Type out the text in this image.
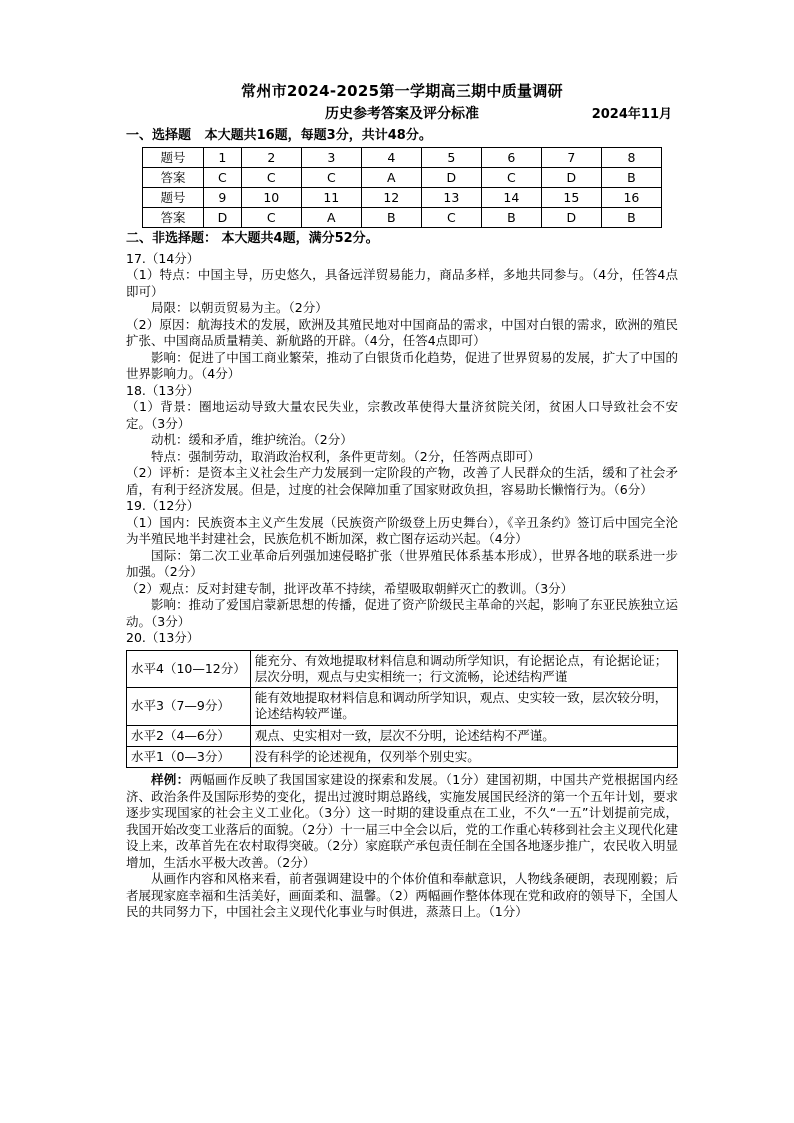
常州市2024-2025第一学期高三期中质量调研
历史参考答案及评分标准	2024年11月
一、选择题 本大题共16题，每题3分，共计48分。
题号	1	2	3	4	5	6	7	8
答案	C	C	C	A	D	C	D	B
题号	9	10	11	12	13	14	15	16
答案	D	C	A	B	C	B	D	B
二、非选择题： 本大题共4题，满分52分。

17.（14分）

（1）特点：中国主导，历史悠久，具备远洋贸易能力，商品多样，多地共同参与。（4分，任答4点即可）

局限：以朝贡贸易为主。（2分）

（2）原因：航海技术的发展，欧洲及其殖民地对中国商品的需求，中国对白银的需求，欧洲的殖民扩张、中国商品质量精美、新航路的开辟。（4分，任答4点即可）

影响：促进了中国工商业繁荣，推动了白银货币化趋势，促进了世界贸易的发展，扩大了中国的世界影响力。（4分）

18.（13分）

（1）背景：圈地运动导致大量农民失业，宗教改革使得大量济贫院关闭，贫困人口导致社会不安定。（3分）

动机：缓和矛盾，维护统治。（2分）

特点：强制劳动，取消政治权利，条件更苛刻。（2分，任答两点即可）

（2）评析：是资本主义社会生产力发展到一定阶段的产物，改善了人民群众的生活，缓和了社会矛盾，有利于经济发展。但是，过度的社会保障加重了国家财政负担，容易助长懒惰行为。（6分）

19.（12分）

（1）国内：民族资本主义产生发展（民族资产阶级登上历史舞台），《辛丑条约》签订后中国完全沦为半殖民地半封建社会，民族危机不断加深，救亡图存运动兴起。（4分）

国际：第二次工业革命后列强加速侵略扩张（世界殖民体系基本形成），世界各地的联系进一步加强。（2分）

（2）观点：反对封建专制，批评改革不持续，希望吸取朝鲜灭亡的教训。（3分）

影响：推动了爱国启蒙新思想的传播，促进了资产阶级民主革命的兴起，影响了东亚民族独立运动。（3分）

20.（13分）

水平4（10—12分）	能充分、有效地提取材料信息和调动所学知识，有论据论点，有论据论证；层次分明，观点与史实相统一；行文流畅，论述结构严谨
水平3（7—9分）	能有效地提取材料信息和调动所学知识，观点、史实较一致，层次较分明，论述结构较严谨。
水平2（4—6分）	观点、史实相对一致，层次不分明，论述结构不严谨。
水平1（0—3分）	没有科学的论述视角，仅列举个别史实。

样例：两幅画作反映了我国国家建设的探索和发展。（1分）建国初期，中国共产党根据国内经济、政治条件及国际形势的变化，提出过渡时期总路线，实施发展国民经济的第一个五年计划，要求逐步实现国家的社会主义工业化。（3分）这一时期的建设重点在工业，不久“一五”计划提前完成，我国开始改变工业落后的面貌。（2分）十一届三中全会以后，党的工作重心转移到社会主义现代化建设上来，改革首先在农村取得突破。（2分）家庭联产承包责任制在全国各地逐步推广，农民收入明显增加，生活水平极大改善。（2分）

从画作内容和风格来看，前者强调建设中的个体价值和奉献意识，人物线条硬朗，表现刚毅；后者展现家庭幸福和生活美好，画面柔和、温馨。（2）两幅画作整体体现在党和政府的领导下，全国人民的共同努力下，中国社会主义现代化事业与时俱进，蒸蒸日上。（1分）
